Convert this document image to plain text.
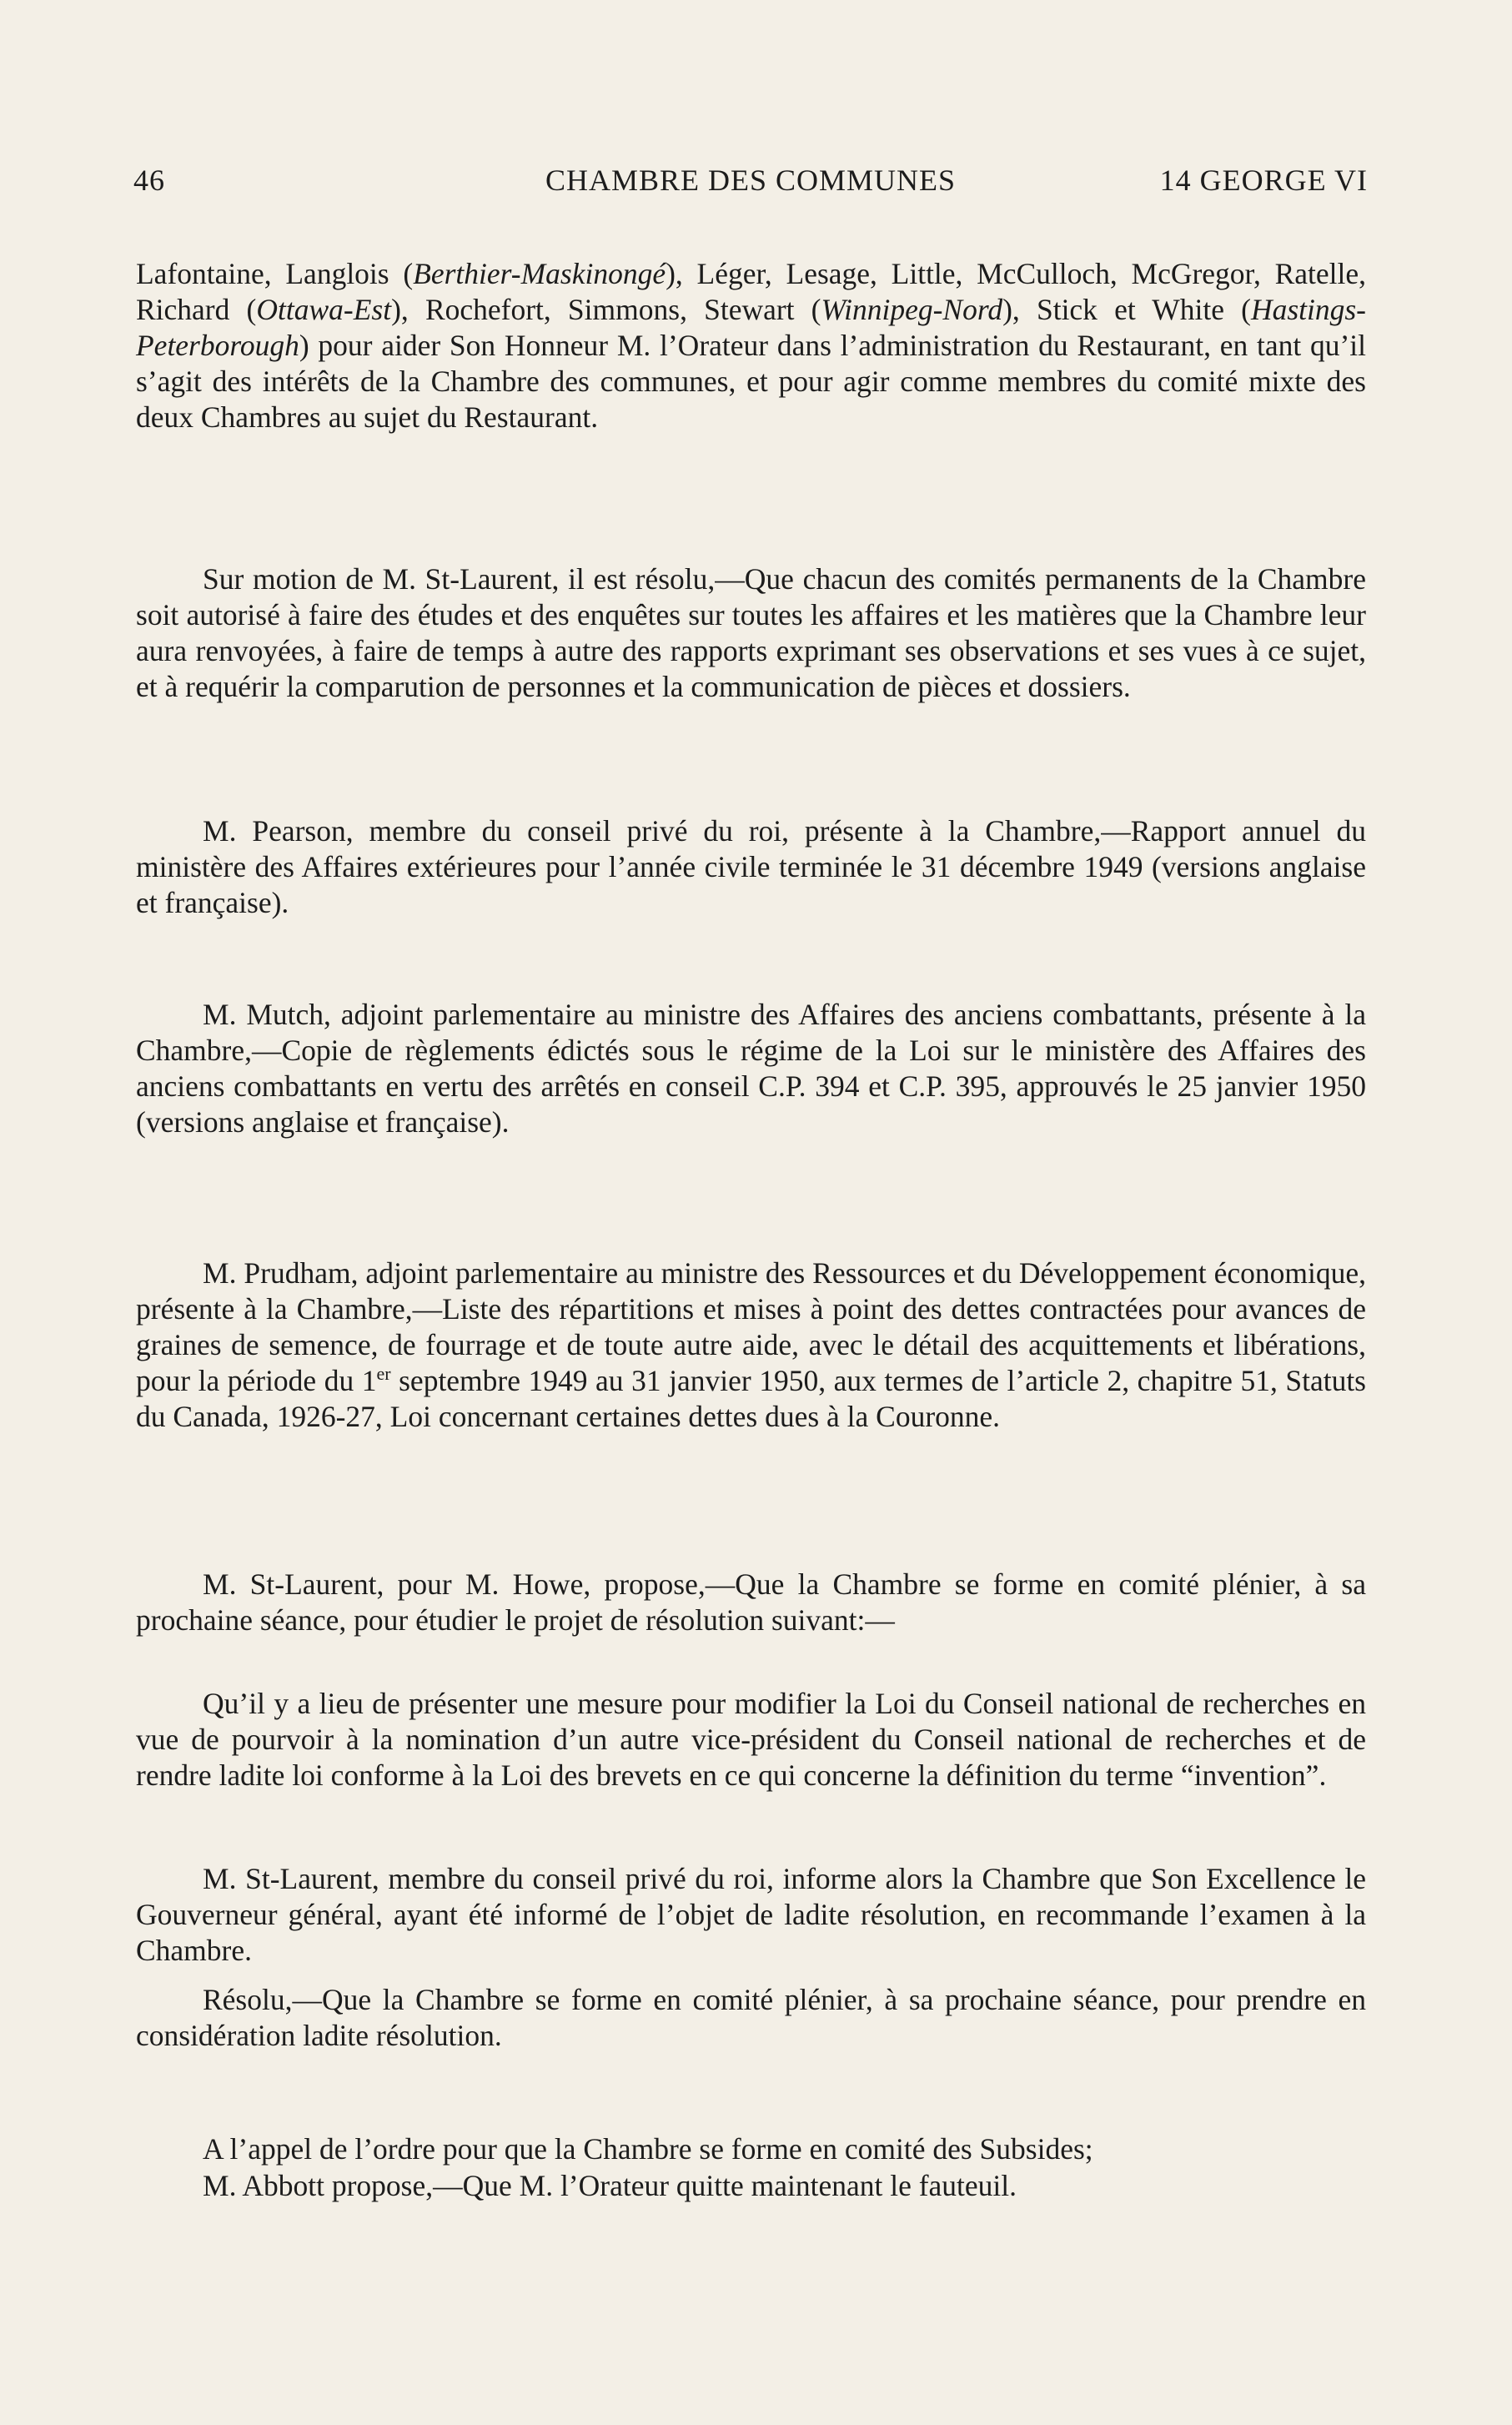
46	CHAMBRE DES COMMUNES	14 GEORGE VI

Lafontaine, Langlois (Berthier-Maskinongé), Léger, Lesage, Little, McCulloch, McGregor, Ratelle, Richard (Ottawa-Est), Rochefort, Simmons, Stewart (Winnipeg-Nord), Stick et White (Hastings-Peterborough) pour aider Son Honneur M. l’Orateur dans l’administration du Restaurant, en tant qu’il s’agit des intérêts de la Chambre des communes, et pour agir comme membres du comité mixte des deux Chambres au sujet du Restaurant.

Sur motion de M. St-Laurent, il est résolu,—Que chacun des comités permanents de la Chambre soit autorisé à faire des études et des enquêtes sur toutes les affaires et les matières que la Chambre leur aura renvoyées, à faire de temps à autre des rapports exprimant ses observations et ses vues à ce sujet, et à requérir la comparution de personnes et la communication de pièces et dossiers.

M. Pearson, membre du conseil privé du roi, présente à la Chambre,—Rapport annuel du ministère des Affaires extérieures pour l’année civile terminée le 31 décembre 1949 (versions anglaise et française).

M. Mutch, adjoint parlementaire au ministre des Affaires des anciens combattants, présente à la Chambre,—Copie de règlements édictés sous le régime de la Loi sur le ministère des Affaires des anciens combattants en vertu des arrêtés en conseil C.P. 394 et C.P. 395, approuvés le 25 janvier 1950 (versions anglaise et française).

M. Prudham, adjoint parlementaire au ministre des Ressources et du Développement économique, présente à la Chambre,—Liste des répartitions et mises à point des dettes contractées pour avances de graines de semence, de fourrage et de toute autre aide, avec le détail des acquittements et libérations, pour la période du 1er septembre 1949 au 31 janvier 1950, aux termes de l’article 2, chapitre 51, Statuts du Canada, 1926-27, Loi concernant certaines dettes dues à la Couronne.

M. St-Laurent, pour M. Howe, propose,—Que la Chambre se forme en comité plénier, à sa prochaine séance, pour étudier le projet de résolution suivant:—

Qu’il y a lieu de présenter une mesure pour modifier la Loi du Conseil national de recherches en vue de pourvoir à la nomination d’un autre vice-président du Conseil national de recherches et de rendre ladite loi conforme à la Loi des brevets en ce qui concerne la définition du terme “invention”.

M. St-Laurent, membre du conseil privé du roi, informe alors la Chambre que Son Excellence le Gouverneur général, ayant été informé de l’objet de ladite résolution, en recommande l’examen à la Chambre.

Résolu,—Que la Chambre se forme en comité plénier, à sa prochaine séance, pour prendre en considération ladite résolution.

A l’appel de l’ordre pour que la Chambre se forme en comité des Subsides;

M. Abbott propose,—Que M. l’Orateur quitte maintenant le fauteuil.
